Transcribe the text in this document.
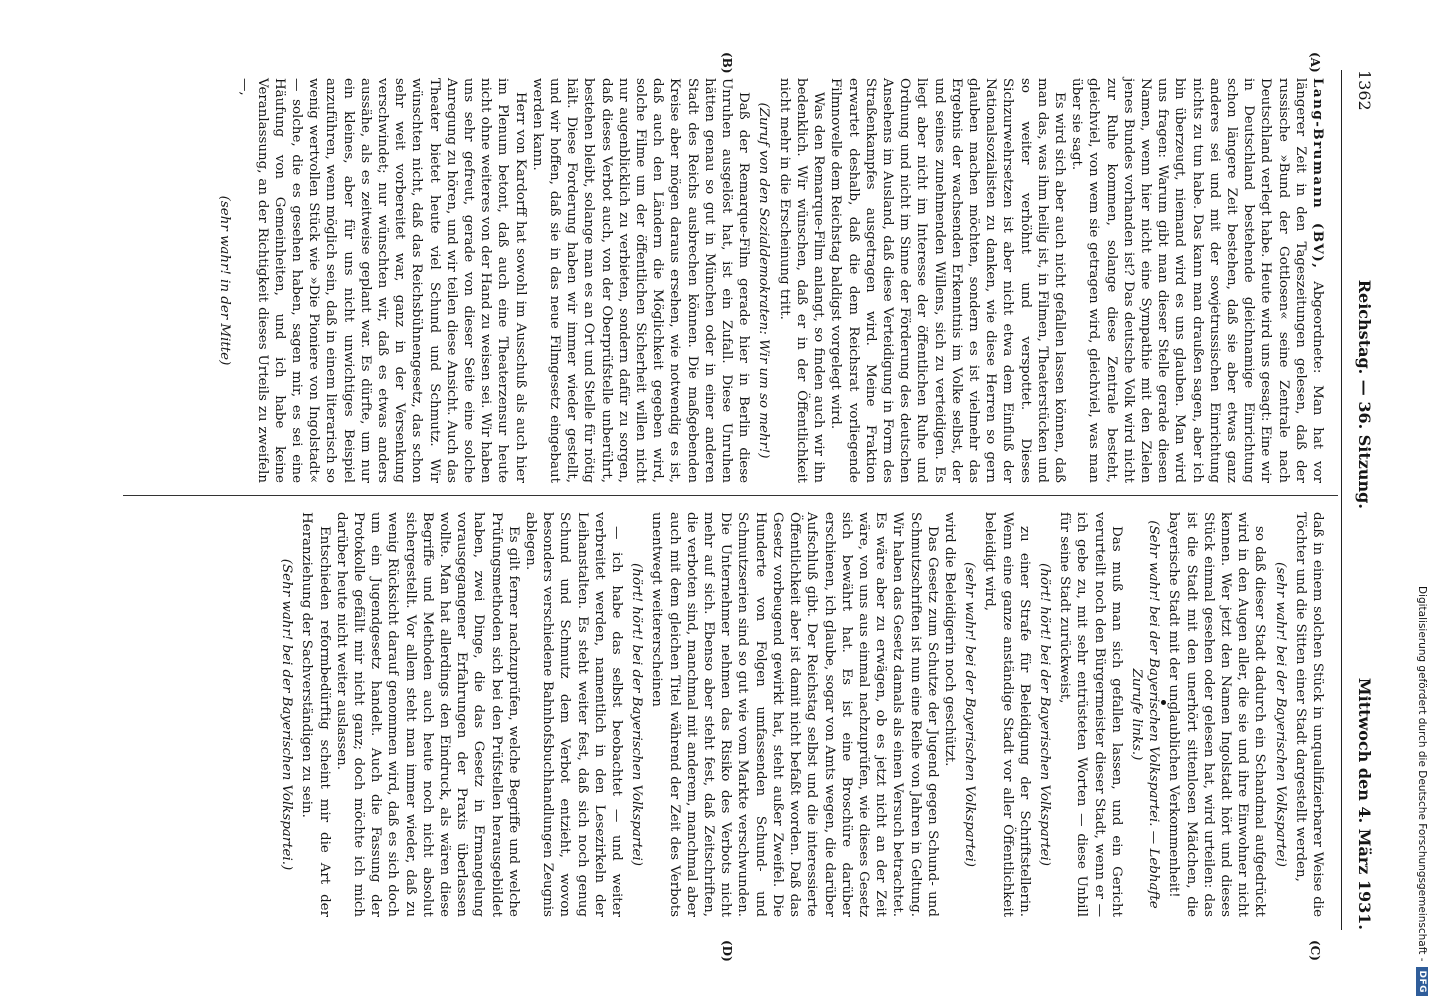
Digitalisierung gefördert durch die Deutsche Forschungsgemeinschaft -
DFG
1362
Reichstag. — 36. Sitzung.
Mittwoch den 4. März 1931.
(A)
(B)
(C)
(D)

Lang-Brumann (BV), Abgeordnete: Man hat vor längerer Zeit in den Tageszeitungen gelesen, daß der russische »Bund der Gottlosen« seine Zentrale nach Deutschland verlegt habe. Heute wird uns gesagt: Eine wir in Deutschland bestehende gleichnamige Einrichtung schon längere Zeit bestehen, daß sie aber etwas ganz anderes sei und mit der sowjetrussischen Einrichtung nichts zu tun habe. Das kann man draußen sagen, aber ich bin überzeugt, niemand wird es uns glauben. Man wird uns fragen: Warum gibt man dieser Stelle gerade diesen Namen, wenn hier nicht eine Sympathie mit den Zielen jenes Bundes vorhanden ist? Das deutsche Volk wird nicht zur Ruhe kommen, solange diese Zentrale besteht, gleichviel, von wem sie getragen wird, gleichviel, was man über sie sagt.

Es wird sich aber auch nicht gefallen lassen können, daß man das, was ihm heilig ist, in Filmen, Theaterstücken und so weiter verhöhnt und verspottet. Dieses Sichzurwehrsetzen ist aber nicht etwa dem Einfluß der Nationalsozialisten zu danken, wie diese Herren so gern glauben machen möchten, sondern es ist vielmehr das Ergebnis der wachsenden Erkenntnis im Volke selbst, der und seines zunehmenden Willens, sich zu verteidigen. Es liegt aber nicht im Interesse der öffentlichen Ruhe und Ordnung und nicht im Sinne der Förderung des deutschen Ansehens im Ausland, daß diese Verteidigung in Form des Straßenkampfes ausgetragen wird. Meine Fraktion erwartet deshalb, daß die dem Reichsrat vorliegende Filmnovelle dem Reichstag baldigst vorgelegt wird.

Was den Remarque-Film anlangt, so finden auch wir ihn bedenklich. Wir wünschen, daß er in der Öffentlichkeit nicht mehr in die Erscheinung tritt.

(Zuruf von den Sozialdemokraten: Wir um so mehr!)

Daß der Remarque-Film gerade hier in Berlin diese Unruhen ausgelöst hat, ist ein Zufall. Diese Unruhen hätten genau so gut in München oder in einer anderen Stadt des Reichs ausbrechen können. Die maßgebenden Kreise aber mögen daraus ersehen, wie notwendig es ist, daß auch den Ländern die Möglichkeit gegeben wird, solche Filme um der öffentlichen Sicherheit willen nicht nur augenblicklich zu verbieten, sondern dafür zu sorgen, daß dieses Verbot auch, von der Oberprüfstelle unberührt, bestehen bleibt, solange man es an Ort und Stelle für nötig hält. Diese Forderung haben wir immer wieder gestellt, und wir hoffen, daß sie in das neue Filmgesetz eingebaut werden kann.

Herr von Kardorff hat sowohl im Ausschuß als auch hier im Plenum betont, daß auch eine Theaterzensur heute nicht ohne weiteres von der Hand zu weisen sei. Wir haben uns sehr gefreut, gerade von dieser Seite eine solche Anregung zu hören, und wir teilen diese Ansicht. Auch das Theater bietet heute viel Schund und Schmutz. Wir wünschten nicht, daß das Reichsbühnengesetz, das schon sehr weit vorbereitet war, ganz in der Versenkung verschwindet; nur wünschten wir, daß es etwas anders aussähe, als es zeitweise geplant war. Es dürfte, um nur ein kleines, aber für uns nicht unwichtiges Beispiel anzuführen, wenn möglich sein, daß in einem literarisch so wenig wertvollen Stück wie »Die Pioniere von Ingolstadt« — solche, die es gesehen haben, sagen mir, es sei eine Häufung von Gemeinheiten, und ich habe keine Veranlassung, an der Richtigkeit dieses Urteils zu zweifeln —,

(sehr wahr! in der Mitte)

daß in einem solchen Stück in unqualifizierbarer Weise die Töchter und die Sitten einer Stadt dargestellt werden,

(sehr wahr! bei der Bayerischen Volkspartei)

so daß dieser Stadt dadurch ein Schandmal aufgedrückt wird in den Augen aller, die sie und ihre Einwohner nicht kennen. Wer jetzt den Namen Ingolstadt hört und dieses Stück einmal gesehen oder gelesen hat, wird urteilen: das ist die Stadt mit den unerhört sittenlosen Mädchen, die bayerische Stadt mit der unglaublichen Verkommenheit!

(Sehr wahr! bei der Bayerischen Volkspartei. — Lebhafte Zurufe links.)

Das muß man sich gefallen lassen, und ein Gericht verurteilt noch den Bürgermeister dieser Stadt, wenn er — ich gebe zu, mit sehr entrüsteten Worten — diese Unbill für seine Stadt zurückweist,

(hört! hört! bei der Bayerischen Volkspartei)

zu einer Strafe für Beleidigung der Schriftstellerin. Wenn eine ganze anständige Stadt vor aller Öffentlichkeit beleidigt wird,

(sehr wahr! bei der Bayerischen Volkspartei)

wird die Beleidigerin noch geschützt.

Das Gesetz zum Schutze der Jugend gegen Schund- und Schmutzschriften ist nun eine Reihe von Jahren in Geltung. Wir haben das Gesetz damals als einen Versuch betrachtet. Es wäre aber zu erwägen, ob es jetzt nicht an der Zeit wäre, von uns aus einmal nachzuprüfen, wie dieses Gesetz sich bewährt hat. Es ist eine Broschüre darüber erschienen, ich glaube, sogar von Amts wegen, die darüber Aufschluß gibt. Der Reichstag selbst und die interessierte Öffentlichkeit aber ist damit nicht befaßt worden. Daß das Gesetz vorbeugend gewirkt hat, steht außer Zweifel. Die Hunderte von Folgen umfassenden Schund- und Schmutzserien sind so gut wie vom Markte verschwunden. Die Unternehmer nehmen das Risiko des Verbots nicht mehr auf sich. Ebenso aber steht fest, daß Zeitschriften, die verboten sind, manchmal mit anderem, manchmal aber auch mit dem gleichen Titel während der Zeit des Verbots unentwegt weitererscheinen

(hört! hört! bei der Bayerischen Volkspartei)

— ich habe das selbst beobachtet — und weiter verbreitet werden, namentlich in den Lesezirkeln der Leihanstalten. Es steht weiter fest, daß sich noch genug Schund und Schmutz dem Verbot entzieht, wovon besonders verschiedene Bahnhofsbuchhandlungen Zeugnis ablegen.

Es gilt ferner nachzuprüfen, welche Begriffe und welche Prüfungsmethoden sich bei den Prüfstellen herausgebildet haben, zwei Dinge, die das Gesetz in Ermangelung vorausgegangener Erfahrungen der Praxis überlassen wollte. Man hat allerdings den Eindruck, als wären diese Begriffe und Methoden auch heute noch nicht absolut sichergestellt. Vor allem steht man immer wieder, daß zu wenig Rücksicht darauf genommen wird, daß es sich doch um ein Jugendgesetz handelt. Auch die Fassung der Protokolle gefällt mir nicht ganz; doch möchte ich mich darüber heute nicht weiter auslassen.

Entschieden reformbedürftig scheint mir die Art der Heranziehung der Sachverständigen zu sein.

(Sehr wahr! bei der Bayerischen Volkspartei.)
